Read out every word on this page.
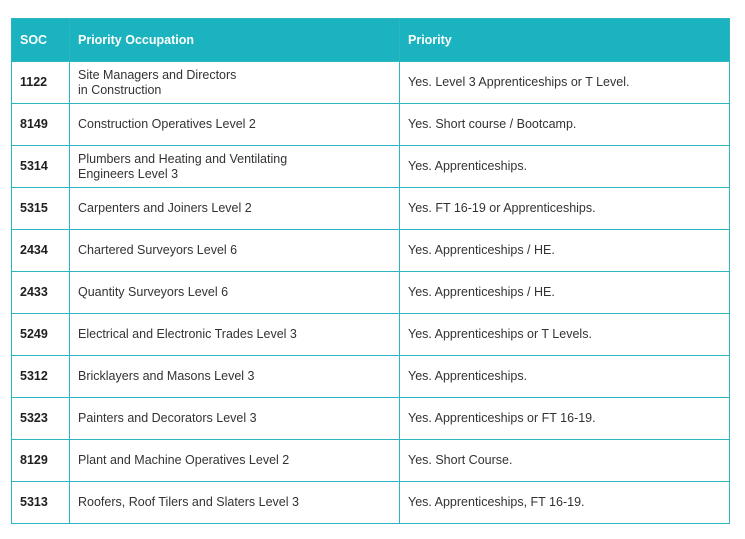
SOC	Priority Occupation	Priority
1122	Site Managers and Directors
in Construction	Yes. Level 3 Apprenticeships or T Level.
8149	Construction Operatives Level 2	Yes. Short course / Bootcamp.
5314	Plumbers and Heating and Ventilating
Engineers Level 3	Yes. Apprenticeships.
5315	Carpenters and Joiners Level 2	Yes. FT 16-19 or Apprenticeships.
2434	Chartered Surveyors Level 6	Yes. Apprenticeships / HE.
2433	Quantity Surveyors Level 6	Yes. Apprenticeships / HE.
5249	Electrical and Electronic Trades Level 3	Yes. Apprenticeships or T Levels.
5312	Bricklayers and Masons Level 3	Yes. Apprenticeships.
5323	Painters and Decorators Level 3	Yes. Apprenticeships or FT 16-19.
8129	Plant and Machine Operatives Level 2	Yes. Short Course.
5313	Roofers, Roof Tilers and Slaters Level 3	Yes. Apprenticeships, FT 16-19.
